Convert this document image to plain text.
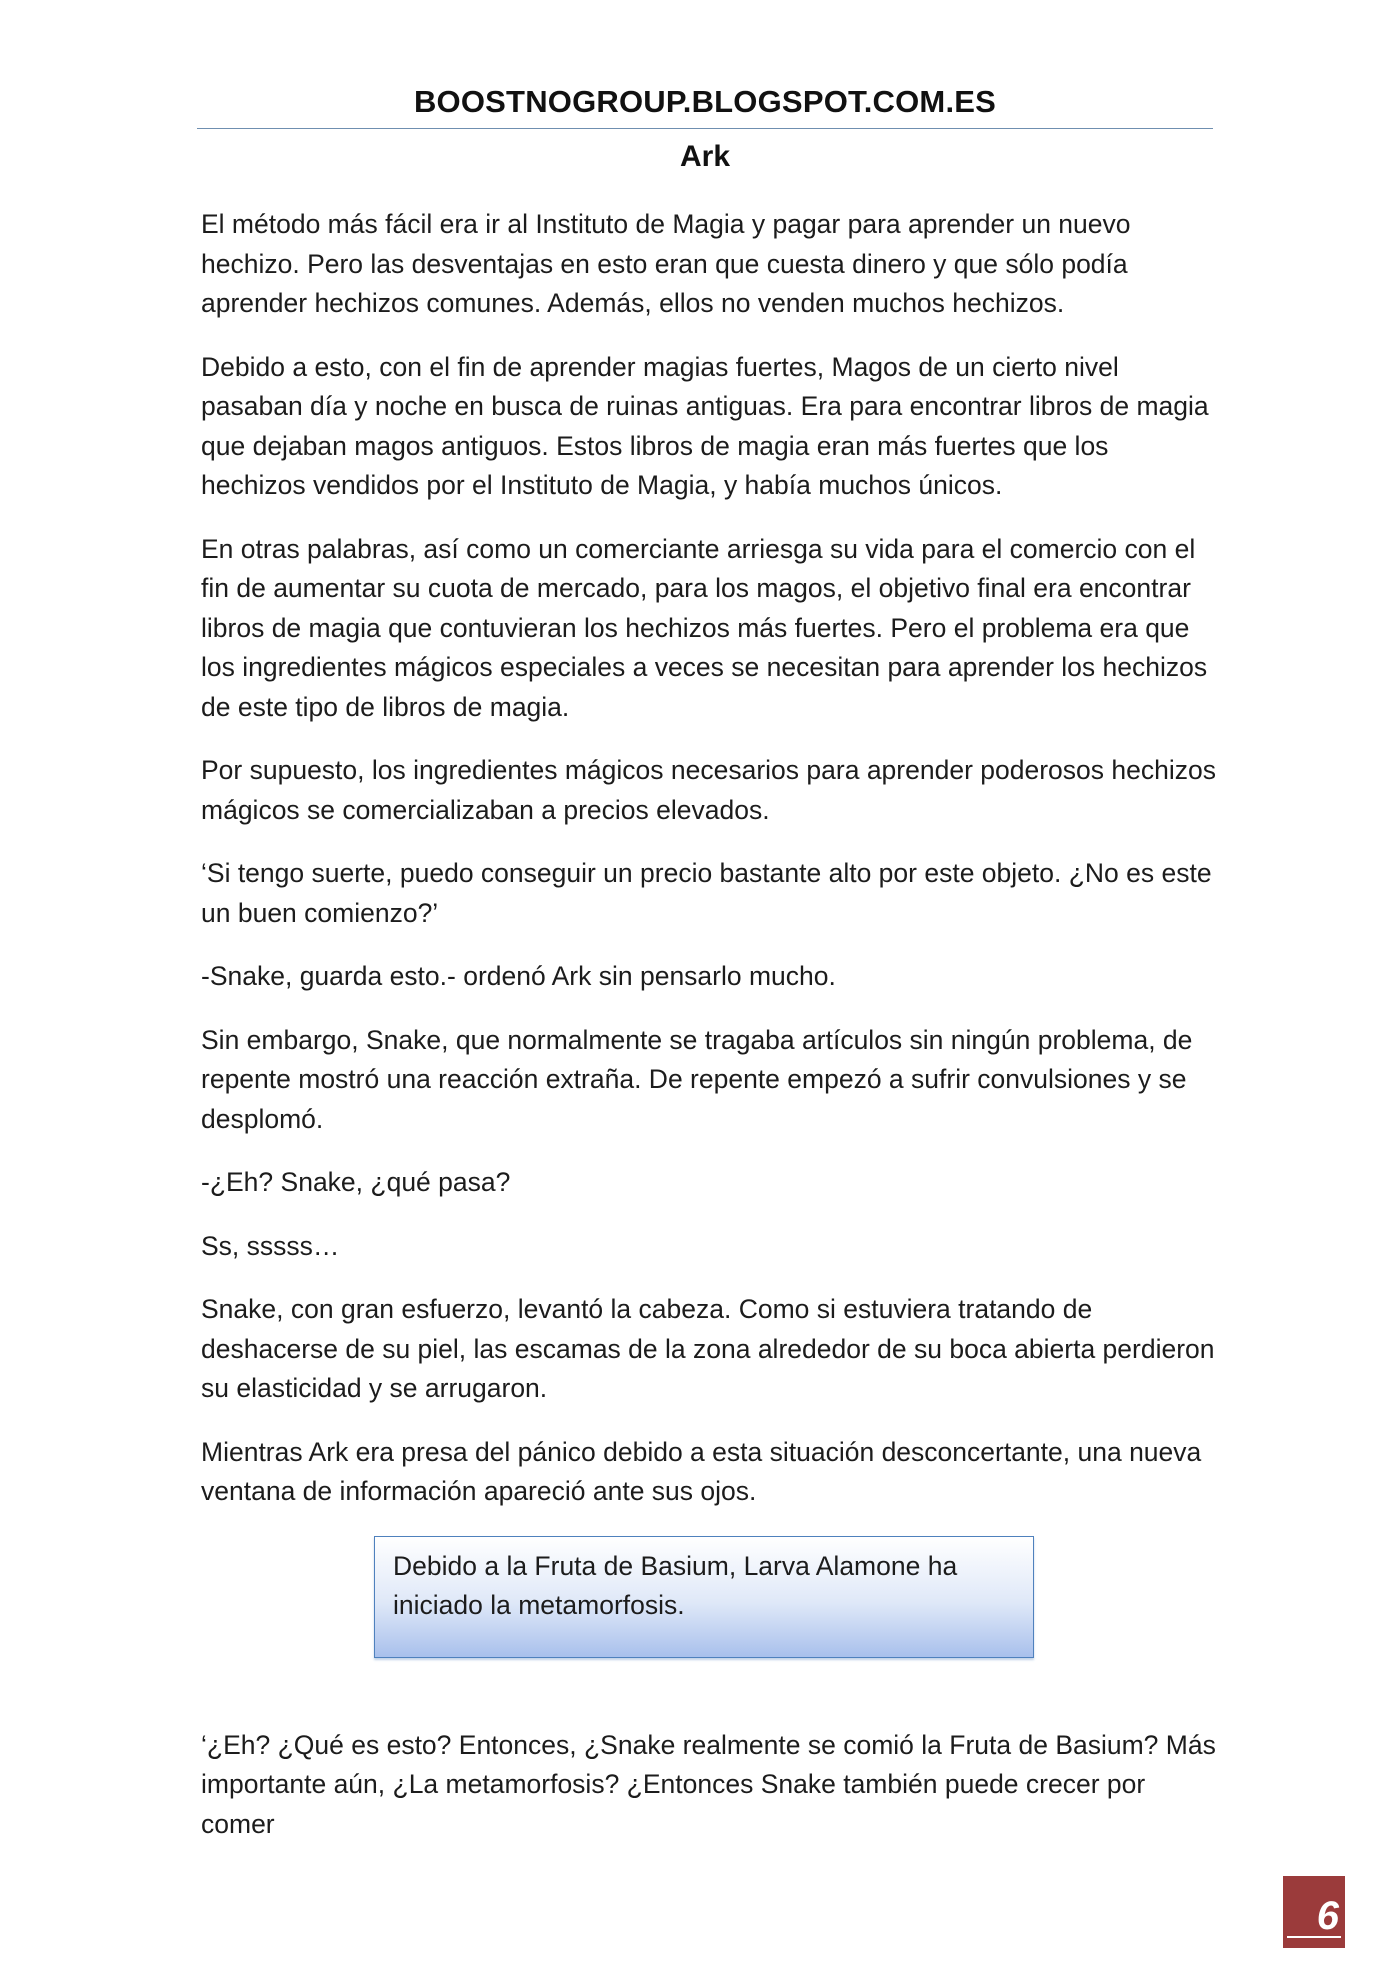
BOOSTNOGROUP.BLOGSPOT.COM.ES
Ark

El método más fácil era ir al Instituto de Magia y pagar para aprender un nuevo hechizo. Pero las desventajas en esto eran que cuesta dinero y que sólo podía aprender hechizos comunes. Además, ellos no venden muchos hechizos.

Debido a esto, con el fin de aprender magias fuertes, Magos de un cierto nivel pasaban día y noche en busca de ruinas antiguas. Era para encontrar libros de magia que dejaban magos antiguos. Estos libros de magia eran más fuertes que los hechizos vendidos por el Instituto de Magia, y había muchos únicos.

En otras palabras, así como un comerciante arriesga su vida para el comercio con el fin de aumentar su cuota de mercado, para los magos, el objetivo final era encontrar libros de magia que contuvieran los hechizos más fuertes. Pero el problema era que los ingredientes mágicos especiales a veces se necesitan para aprender los hechizos de este tipo de libros de magia.

Por supuesto, los ingredientes mágicos necesarios para aprender poderosos hechizos mágicos se comercializaban a precios elevados.

‘Si tengo suerte, puedo conseguir un precio bastante alto por este objeto. ¿No es este un buen comienzo?’

-Snake, guarda esto.- ordenó Ark sin pensarlo mucho.

Sin embargo, Snake, que normalmente se tragaba artículos sin ningún problema, de repente mostró una reacción extraña. De repente empezó a sufrir convulsiones y se desplomó.

-¿Eh? Snake, ¿qué pasa?

Ss, sssss…

Snake, con gran esfuerzo, levantó la cabeza. Como si estuviera tratando de deshacerse de su piel, las escamas de la zona alrededor de su boca abierta perdieron su elasticidad y se arrugaron.

Mientras Ark era presa del pánico debido a esta situación desconcertante, una nueva ventana de información apareció ante sus ojos.

Debido a la Fruta de Basium, Larva Alamone ha iniciado la metamorfosis.

‘¿Eh? ¿Qué es esto? Entonces, ¿Snake realmente se comió la Fruta de Basium? Más importante aún, ¿La metamorfosis? ¿Entonces Snake también puede crecer por comer

6
